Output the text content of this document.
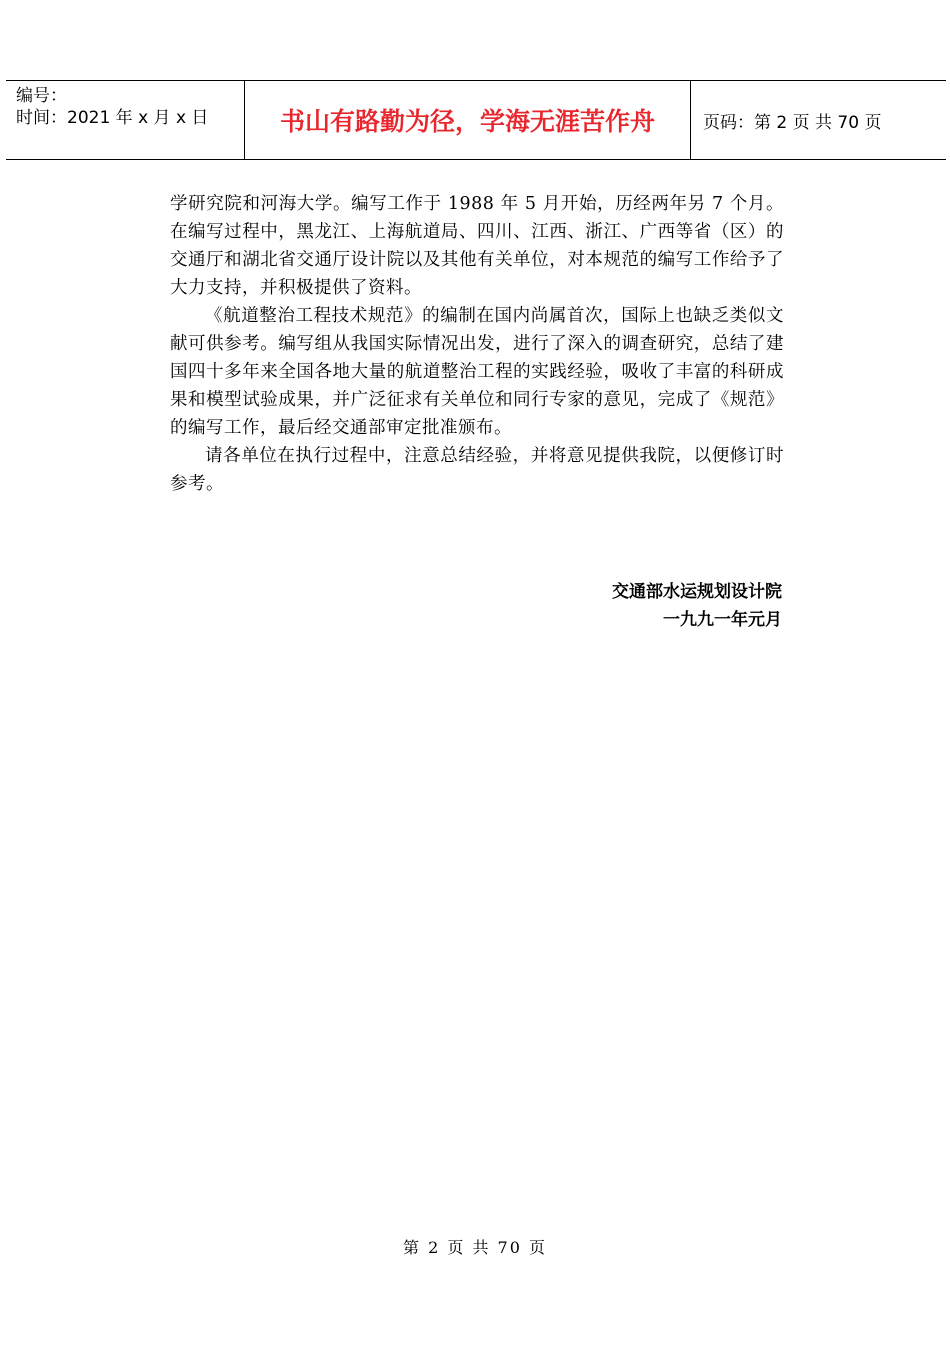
编号：
时间：2021 年 x 月 x 日	书山有路勤为径，学海无涯苦作舟	页码：第 2 页 共 70 页

学研究院和河海大学。编写工作于 1988 年 5 月开始，历经两年另 7 个月。在编写过程中，黑龙江、上海航道局、四川、江西、浙江、广西等省（区）的交通厅和湖北省交通厅设计院以及其他有关单位，对本规范的编写工作给予了大力支持，并积极提供了资料。

《航道整治工程技术规范》的编制在国内尚属首次，国际上也缺乏类似文献可供参考。编写组从我国实际情况出发，进行了深入的调查研究，总结了建国四十多年来全国各地大量的航道整治工程的实践经验，吸收了丰富的科研成果和模型试验成果，并广泛征求有关单位和同行专家的意见，完成了《规范》的编写工作，最后经交通部审定批准颁布。

请各单位在执行过程中，注意总结经验，并将意见提供我院，以便修订时参考。

交通部水运规划设计院
一九九一年元月
第 2 页 共 70 页
